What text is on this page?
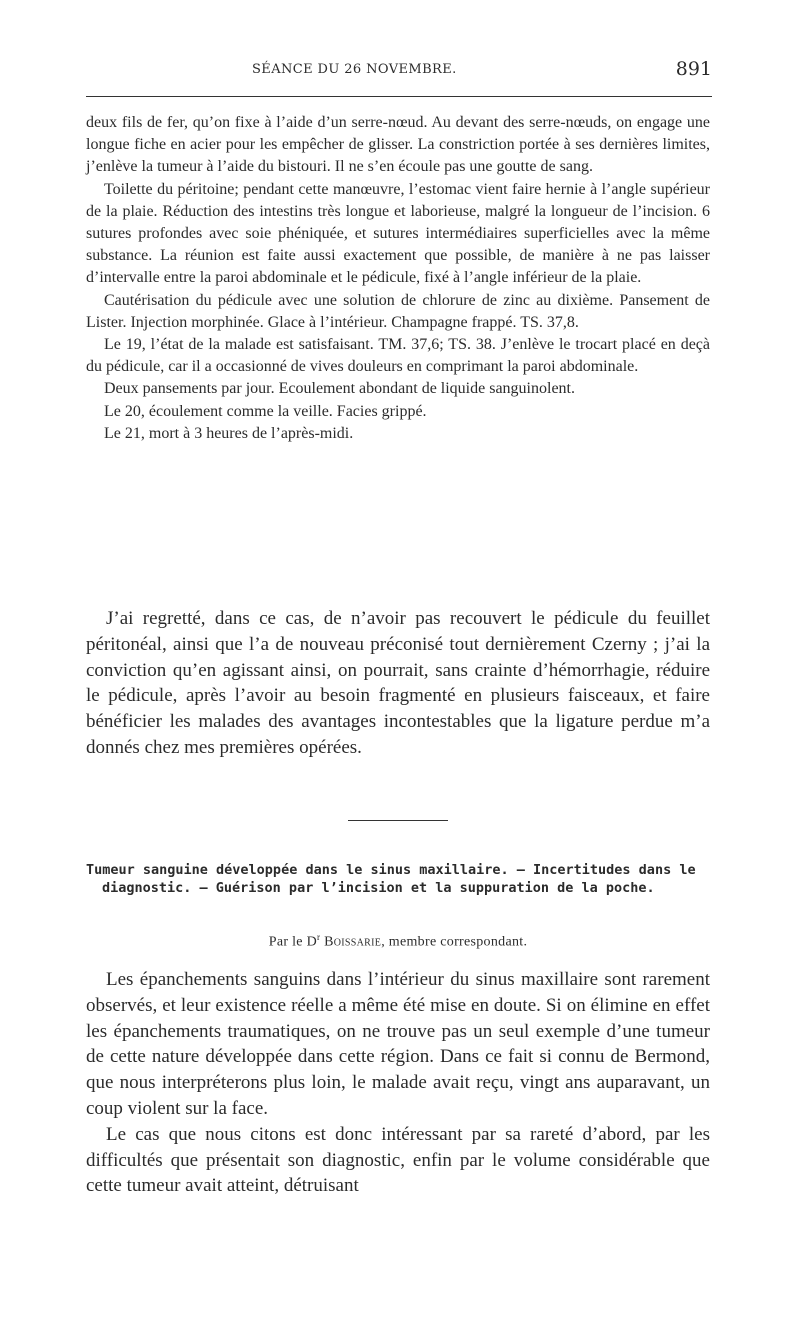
SÉANCE DU 26 NOVEMBRE.	891

deux fils de fer, qu’on fixe à l’aide d’un serre-nœud. Au devant des serre-nœuds, on engage une longue fiche en acier pour les empêcher de glisser. La constriction portée à ses dernières limites, j’enlève la tumeur à l’aide du bistouri. Il ne s’en écoule pas une goutte de sang.

Toilette du péritoine; pendant cette manœuvre, l’estomac vient faire hernie à l’angle supérieur de la plaie. Réduction des intestins très longue et laborieuse, malgré la longueur de l’incision. 6 sutures profondes avec soie phéniquée, et sutures intermédiaires superficielles avec la même substance. La réunion est faite aussi exactement que possible, de manière à ne pas laisser d’intervalle entre la paroi abdominale et le pédicule, fixé à l’angle inférieur de la plaie.

Cautérisation du pédicule avec une solution de chlorure de zinc au dixième. Pansement de Lister. Injection morphinée. Glace à l’intérieur. Champagne frappé. TS. 37,8.

Le 19, l’état de la malade est satisfaisant. TM. 37,6; TS. 38. J’enlève le trocart placé en deçà du pédicule, car il a occasionné de vives douleurs en comprimant la paroi abdominale.

Deux pansements par jour. Ecoulement abondant de liquide sanguinolent.

Le 20, écoulement comme la veille. Facies grippé.

Le 21, mort à 3 heures de l’après-midi.

J’ai regretté, dans ce cas, de n’avoir pas recouvert le pédicule du feuillet péritonéal, ainsi que l’a de nouveau préconisé tout dernièrement Czerny ; j’ai la conviction qu’en agissant ainsi, on pourrait, sans crainte d’hémorrhagie, réduire le pédicule, après l’avoir au besoin fragmenté en plusieurs faisceaux, et faire bénéficier les malades des avantages incontestables que la ligature perdue m’a donnés chez mes premières opérées.

Tumeur sanguine développée dans le sinus maxillaire. — Incertitudes dans le diagnostic. — Guérison par l’incision et la suppuration de la poche.
Par le $D^r$ Boissarie, membre correspondant.

Les épanchements sanguins dans l’intérieur du sinus maxillaire sont rarement observés, et leur existence réelle a même été mise en doute. Si on élimine en effet les épanchements traumatiques, on ne trouve pas un seul exemple d’une tumeur de cette nature développée dans cette région. Dans ce fait si connu de Bermond, que nous interpréterons plus loin, le malade avait reçu, vingt ans auparavant, un coup violent sur la face.

Le cas que nous citons est donc intéressant par sa rareté d’abord, par les difficultés que présentait son diagnostic, enfin par le volume considérable que cette tumeur avait atteint, détruisant
